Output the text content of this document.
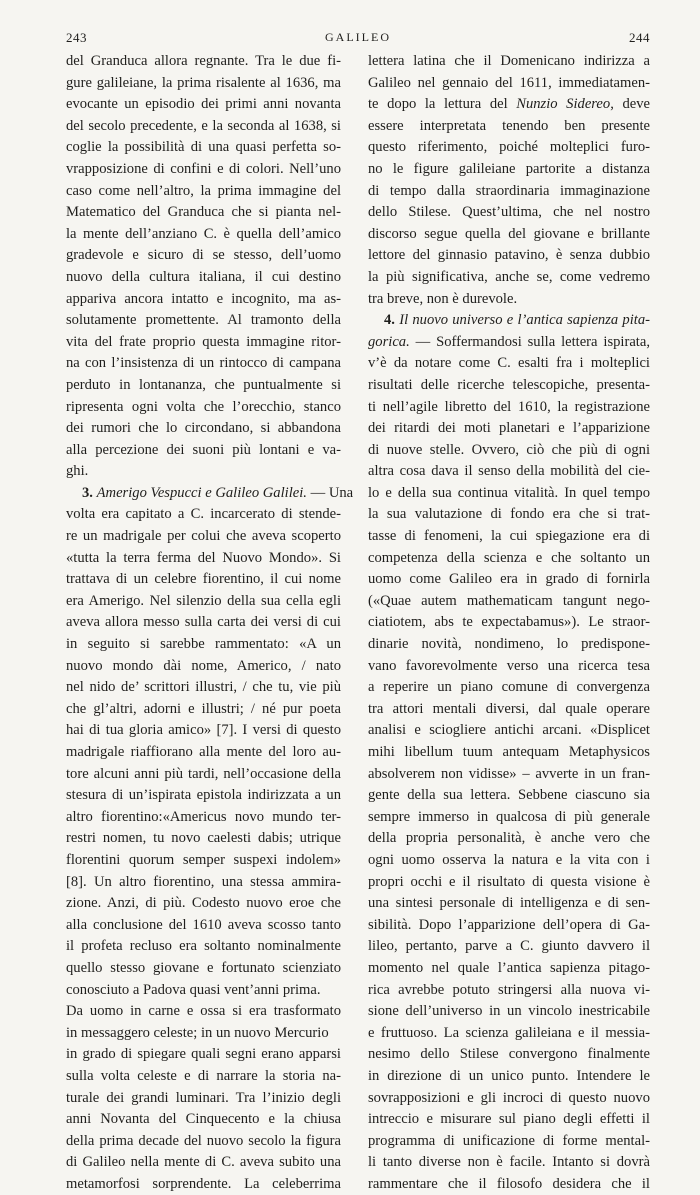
243	GALILEO	244
del Granduca allora regnante. Tra le due fi-
gure galileiane, la prima risalente al 1636, ma
evocante un episodio dei primi anni novanta
del secolo precedente, e la seconda al 1638, si
coglie la possibilità di una quasi perfetta so-
vrapposizione di confini e di colori. Nell’uno
caso come nell’altro, la prima immagine del
Matematico del Granduca che si pianta nel-
la mente dell’anziano C. è quella dell’amico
gradevole e sicuro di se stesso, dell’uomo
nuovo della cultura italiana, il cui destino
appariva ancora intatto e incognito, ma as-
solutamente promettente. Al tramonto della
vita del frate proprio questa immagine ritor-
na con l’insistenza di un rintocco di campana
perduto in lontananza, che puntualmente si
ripresenta ogni volta che l’orecchio, stanco
dei rumori che lo circondano, si abbandona
alla percezione dei suoni più lontani e va-
ghi.
3. Amerigo Vespucci e Galileo Galilei. — Una
volta era capitato a C. incarcerato di stende-
re un madrigale per colui che aveva scoperto
«tutta la terra ferma del Nuovo Mondo». Si
trattava di un celebre fiorentino, il cui nome
era Amerigo. Nel silenzio della sua cella egli
aveva allora messo sulla carta dei versi di cui
in seguito si sarebbe rammentato: «A un
nuovo mondo dài nome, Americo, / nato
nel nido de’ scrittori illustri, / che tu, vie più
che gl’altri, adorni e illustri; / né pur poeta
hai di tua gloria amico» [7]. I versi di questo
madrigale riaffiorano alla mente del loro au-
tore alcuni anni più tardi, nell’occasione della
stesura di un’ispirata epistola indirizzata a un
altro fiorentino:«Americus novo mundo ter-
restri nomen, tu novo caelesti dabis; utrique
florentini quorum semper suspexi indolem»
[8]. Un altro fiorentino, una stessa ammira-
zione. Anzi, di più. Codesto nuovo eroe che
alla conclusione del 1610 aveva scosso tanto
il profeta recluso era soltanto nominalmente
quello stesso giovane e fortunato scienziato
conosciuto a Padova quasi vent’anni prima.
Da uomo in carne e ossa si era trasformato
in messaggero celeste; in un nuovo Mercurio
in grado di spiegare quali segni erano apparsi
sulla volta celeste e di narrare la storia na-
turale dei grandi luminari. Tra l’inizio degli
anni Novanta del Cinquecento e la chiusa
della prima decade del nuovo secolo la figura
di Galileo nella mente di C. aveva subito una
metamorfosi sorprendente. La celeberrima
lettera latina che il Domenicano indirizza a
Galileo nel gennaio del 1611, immediatamen-
te dopo la lettura del Nunzio Sidereo, deve
essere interpretata tenendo ben presente
questo riferimento, poiché molteplici furo-
no le figure galileiane partorite a distanza
di tempo dalla straordinaria immaginazione
dello Stilese. Quest’ultima, che nel nostro
discorso segue quella del giovane e brillante
lettore del ginnasio patavino, è senza dubbio
la più significativa, anche se, come vedremo
tra breve, non è durevole.
4. Il nuovo universo e l’antica sapienza pita-
gorica. — Soffermandosi sulla lettera ispirata,
v’è da notare come C. esalti fra i molteplici
risultati delle ricerche telescopiche, presenta-
ti nell’agile libretto del 1610, la registrazione
dei ritardi dei moti planetari e l’apparizione
di nuove stelle. Ovvero, ciò che più di ogni
altra cosa dava il senso della mobilità del cie-
lo e della sua continua vitalità. In quel tempo
la sua valutazione di fondo era che si trat-
tasse di fenomeni, la cui spiegazione era di
competenza della scienza e che soltanto un
uomo come Galileo era in grado di fornirla
(«Quae autem mathematicam tangunt nego-
ciatiotem, abs te expectabamus»). Le straor-
dinarie novità, nondimeno, lo predispone-
vano favorevolmente verso una ricerca tesa
a reperire un piano comune di convergenza
tra attori mentali diversi, dal quale operare
analisi e sciogliere antichi arcani. «Displicet
mihi libellum tuum antequam Metaphysicos
absolverem non vidisse» – avverte in un fran-
gente della sua lettera. Sebbene ciascuno sia
sempre immerso in qualcosa di più generale
della propria personalità, è anche vero che
ogni uomo osserva la natura e la vita con i
propri occhi e il risultato di questa visione è
una sintesi personale di intelligenza e di sen-
sibilità. Dopo l’apparizione dell’opera di Ga-
lileo, pertanto, parve a C. giunto davvero il
momento nel quale l’antica sapienza pitago-
rica avrebbe potuto stringersi alla nuova vi-
sione dell’universo in un vincolo inestricabile
e fruttuoso. La scienza galileiana e il messia-
nesimo dello Stilese convergono finalmente
in direzione di un unico punto. Intendere le
sovrapposizioni e gli incroci di questo nuovo
intreccio e misurare sul piano degli effetti il
programma di unificazione di forme mental-
li tanto diverse non è facile. Intanto si dovrà
rammentare che il filosofo desidera che il
